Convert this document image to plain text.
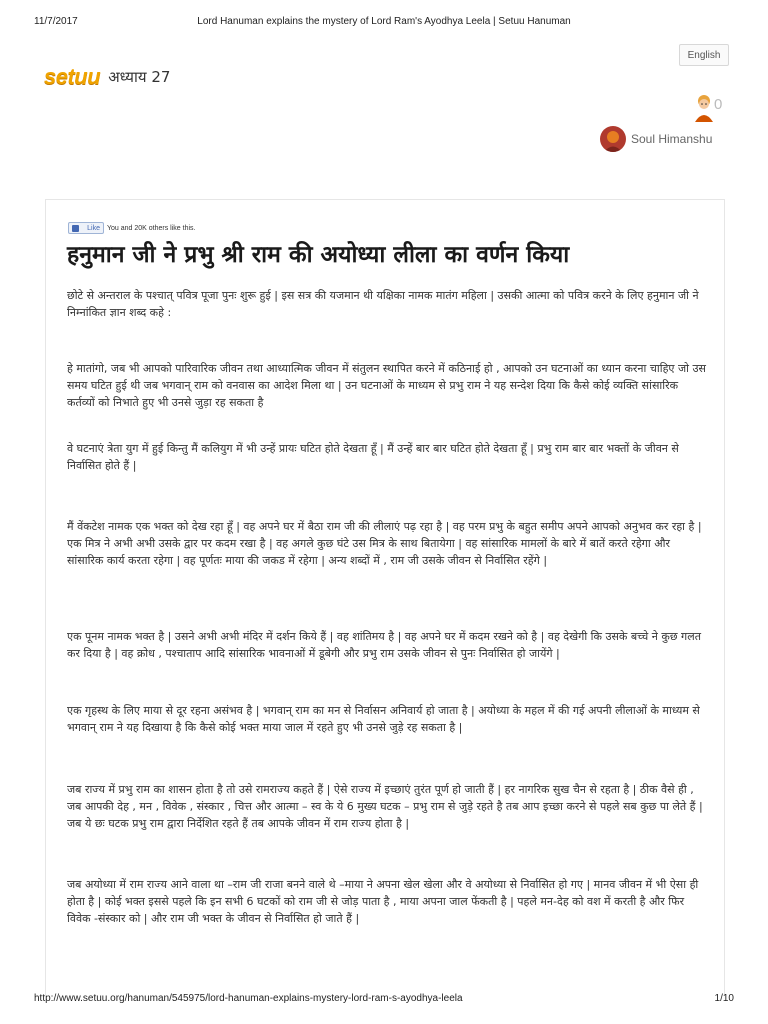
11/7/2017	Lord Hanuman explains the mystery of Lord Ram's Ayodhya Leela | Setuu Hanuman
setuu अध्याय 27
English
0
Soul Himanshu
Like You and 20K others like this.
हनुमान जी ने प्रभु श्री राम की अयोध्या लीला का वर्णन किया

छोटे से अन्तराल के पश्चात् पवित्र पूजा पुनः शुरू हुई | इस सत्र की यजमान थी यक्षिका नामक मातंग महिला | उसकी आत्मा को पवित्र करने के लिए हनुमान जी ने निम्नांकित ज्ञान शब्द कहे :

हे मातांगो, जब भी आपको पारिवारिक जीवन तथा आध्यात्मिक जीवन में संतुलन स्थापित करने में कठिनाई हो , आपको उन घटनाओं का ध्यान करना चाहिए जो उस समय घटित हुई थी जब भगवान् राम को वनवास का आदेश मिला था | उन घटनाओं के माध्यम से प्रभु राम ने यह सन्देश दिया कि कैसे कोई व्यक्ति सांसारिक कर्तव्यों को निभाते हुए भी उनसे जुड़ा रह सकता है

वे घटनाएं त्रेता युग में हुई किन्तु मैं कलियुग में भी उन्हें प्रायः घटित होते देखता हूँ | मैं उन्हें बार बार घटित होते देखता हूँ | प्रभु राम बार बार भक्तों के जीवन से निर्वासित होते हैं |

मैं वेंकटेश नामक एक भक्त को देख रहा हूँ | वह अपने घर में बैठा राम जी की लीलाएं पढ़ रहा है | वह परम प्रभु के बहुत समीप अपने आपको अनुभव कर रहा है | एक मित्र ने अभी अभी उसके द्वार पर कदम रखा है | वह अगले कुछ घंटे उस मित्र के साथ बितायेगा | वह सांसारिक मामलों के बारे में बातें करते रहेगा और सांसारिक कार्य करता रहेगा | वह पूर्णतः माया की जकड में रहेगा | अन्य शब्दों में , राम जी उसके जीवन से निर्वासित रहेंगे |

एक पूनम नामक भक्त है | उसने अभी अभी मंदिर में दर्शन किये हैं | वह शांतिमय है | वह अपने घर में कदम रखने को है | वह देखेगी कि उसके बच्चे ने कुछ गलत कर दिया है | वह क्रोध , पश्चाताप आदि सांसारिक भावनाओं में डूबेगी और प्रभु राम उसके जीवन से पुनः निर्वासित हो जायेंगे |

एक गृहस्थ के लिए माया से दूर रहना असंभव है | भगवान् राम का मन से निर्वासन अनिवार्य हो जाता है | अयोध्या के महल में की गई अपनी लीलाओं के माध्यम से भगवान् राम ने यह दिखाया है कि कैसे कोई भक्त माया जाल में रहते हुए भी उनसे जुड़े रह सकता है |

जब राज्य में प्रभु राम का शासन होता है तो उसे रामराज्य कहते हैं | ऐसे राज्य में इच्छाएं तुरंत पूर्ण हो जाती हैं | हर नागरिक सुख चैन से रहता है | ठीक वैसे ही , जब आपकी देह , मन , विवेक , संस्कार , चित्त और आत्मा – स्व के ये 6 मुख्य घटक – प्रभु राम से जुड़े रहते है तब आप इच्छा करने से पहले सब कुछ पा लेते हैं | जब ये छः घटक प्रभु राम द्वारा निर्देशित रहते हैं तब आपके जीवन में राम राज्य होता है |

जब अयोध्या में राम राज्य आने वाला था –राम जी राजा बनने वाले थे –माया ने अपना खेल खेला और वे अयोध्या से निर्वासित हो गए | मानव जीवन में भी ऐसा ही होता है | कोई भक्त इससे पहले कि इन सभी 6 घटकों को राम जी से जोड़ पाता है , माया अपना जाल फेंकती है | पहले मन-देह को वश में करती है और फिर विवेक -संस्कार को | और राम जी भक्त के जीवन से निर्वासित हो जाते हैं |

http://www.setuu.org/hanuman/545975/lord-hanuman-explains-mystery-lord-ram-s-ayodhya-leela	1/10
